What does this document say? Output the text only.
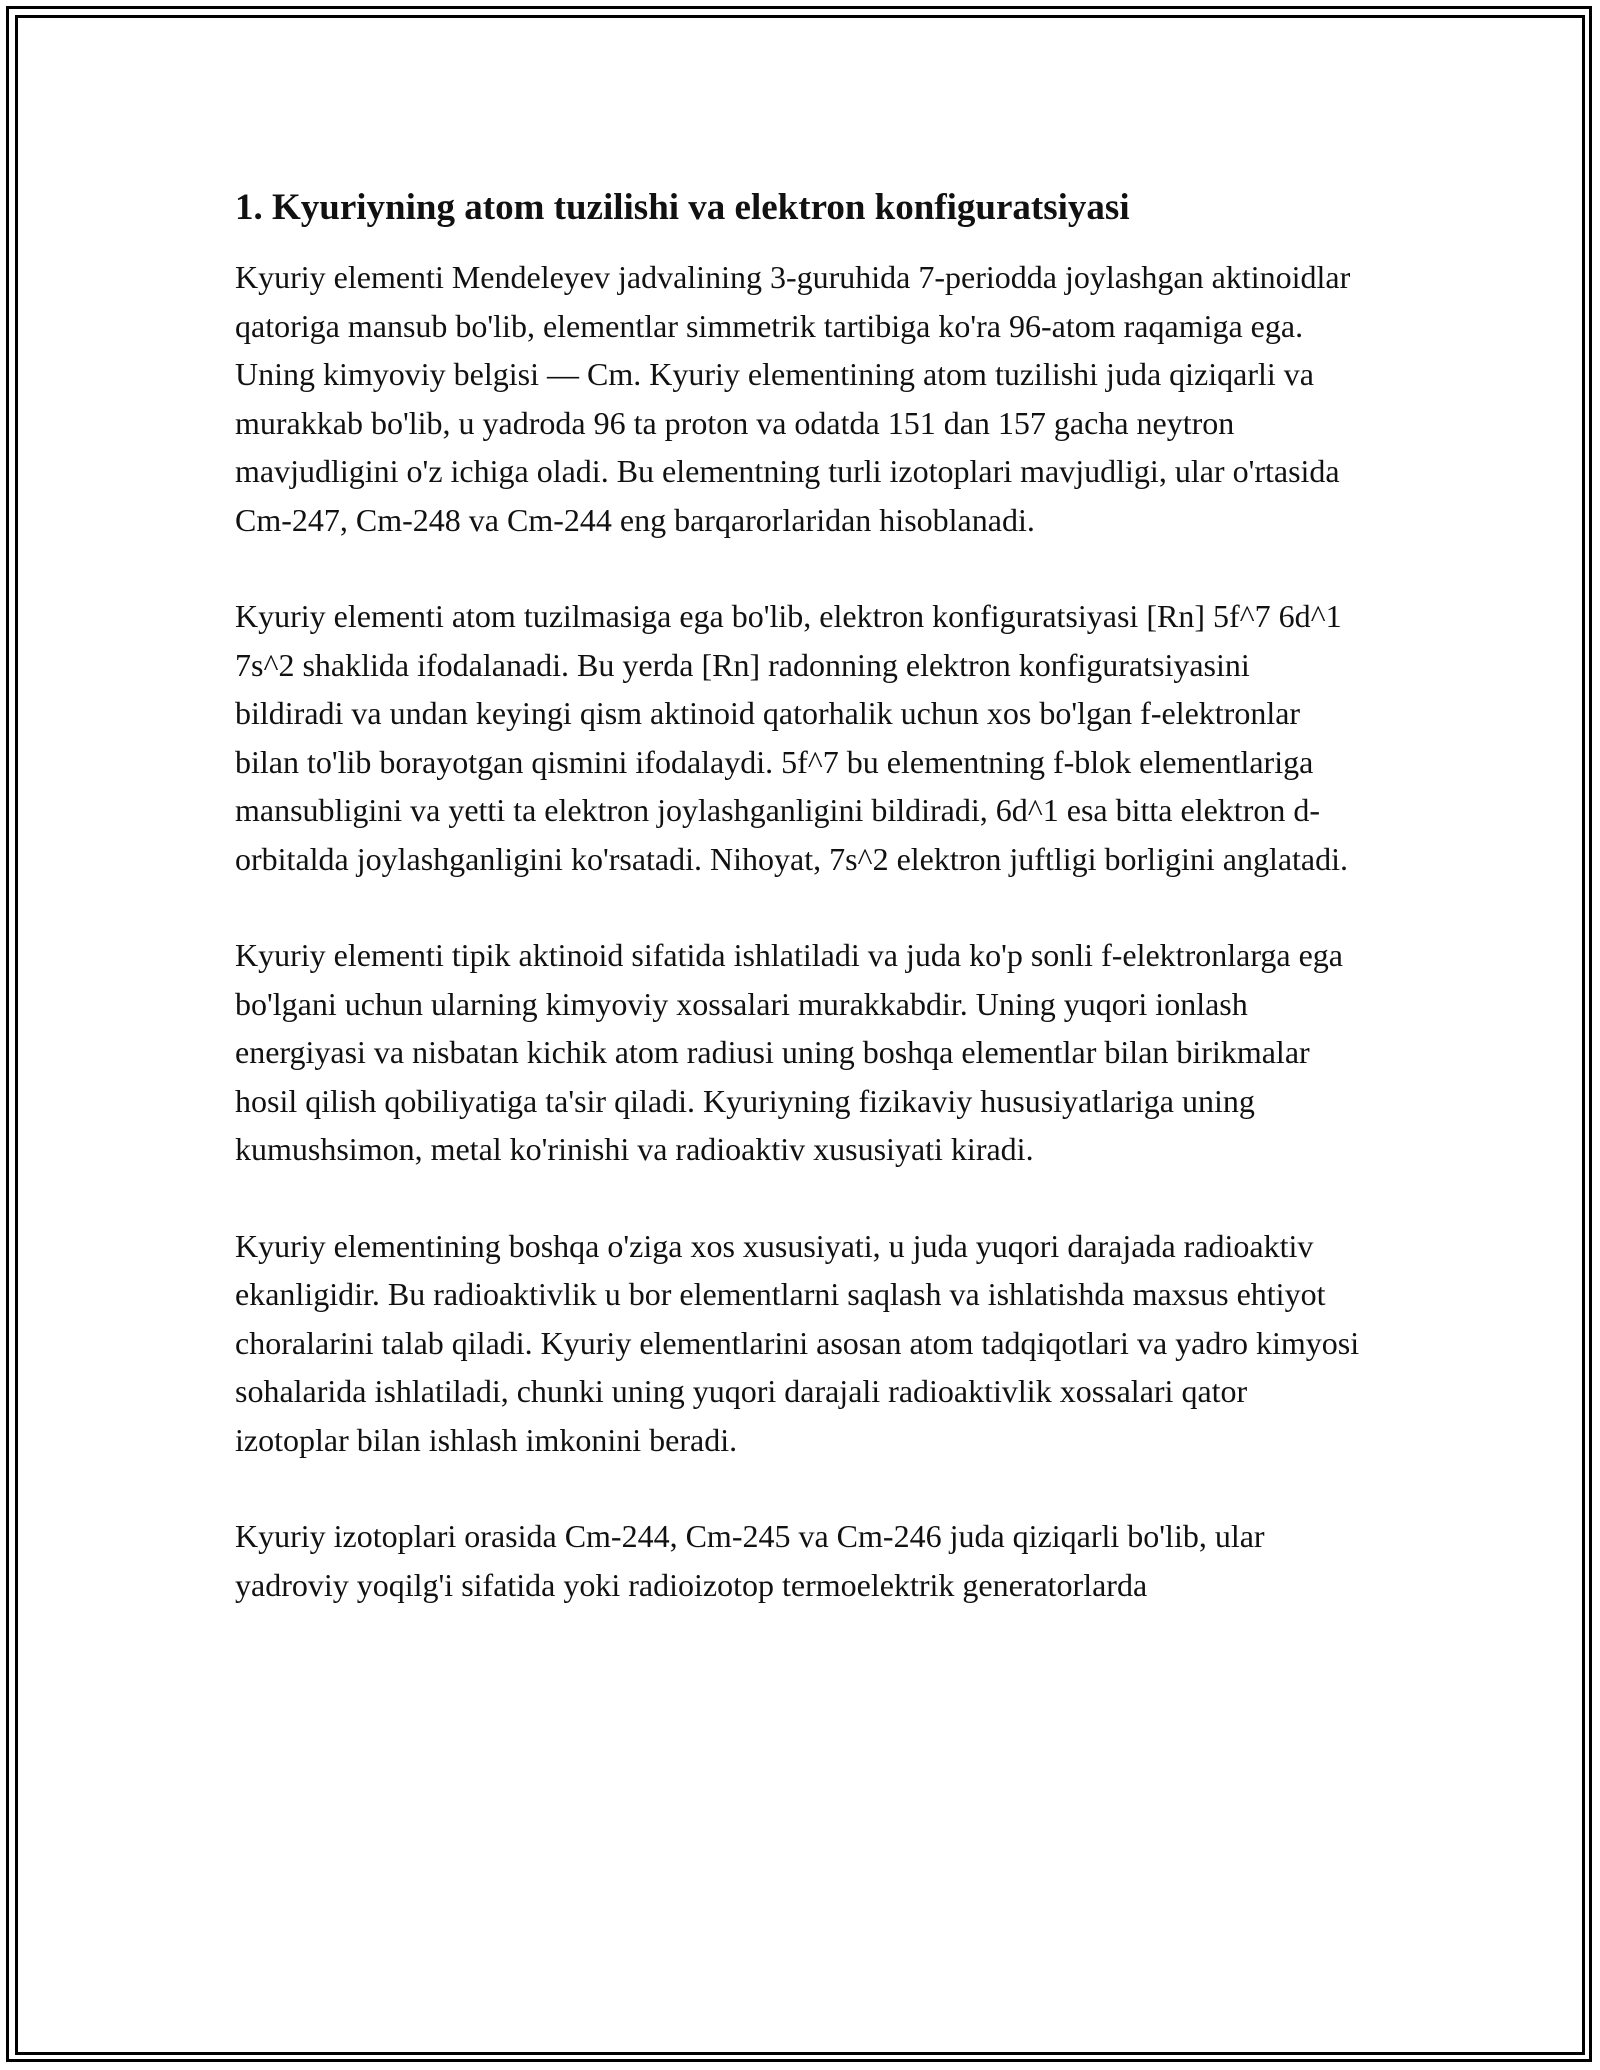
1. Kyuriyning atom tuzilishi va elektron konfiguratsiyasi

Kyuriy elementi Mendeleyev jadvalining 3-guruhida 7-periodda joylashgan aktinoidlar qatoriga mansub bo'lib, elementlar simmetrik tartibiga ko'ra 96-atom raqamiga ega. Uning kimyoviy belgisi — Cm. Kyuriy elementining atom tuzilishi juda qiziqarli va murakkab bo'lib, u yadroda 96 ta proton va odatda 151 dan 157 gacha neytron mavjudligini o'z ichiga oladi. Bu elementning turli izotoplari mavjudligi, ular o'rtasida Cm-247, Cm-248 va Cm-244 eng barqarorlaridan hisoblanadi.

Kyuriy elementi atom tuzilmasiga ega bo'lib, elektron konfiguratsiyasi [Rn] 5f^7 6d^1 7s^2 shaklida ifodalanadi. Bu yerda [Rn] radonning elektron konfiguratsiyasini bildiradi va undan keyingi qism aktinoid qatorhalik uchun xos bo'lgan f-elektronlar bilan to'lib borayotgan qismini ifodalaydi. 5f^7 bu elementning f-blok elementlariga mansubligini va yetti ta elektron joylashganligini bildiradi, 6d^1 esa bitta elektron d-orbitalda joylashganligini ko'rsatadi. Nihoyat, 7s^2 elektron juftligi borligini anglatadi.

Kyuriy elementi tipik aktinoid sifatida ishlatiladi va juda ko'p sonli f-elektronlarga ega bo'lgani uchun ularning kimyoviy xossalari murakkabdir. Uning yuqori ionlash energiyasi va nisbatan kichik atom radiusi uning boshqa elementlar bilan birikmalar hosil qilish qobiliyatiga ta'sir qiladi. Kyuriyning fizikaviy hususiyatlariga uning kumushsimon, metal ko'rinishi va radioaktiv xususiyati kiradi.

Kyuriy elementining boshqa o'ziga xos xususiyati, u juda yuqori darajada radioaktiv ekanligidir. Bu radioaktivlik u bor elementlarni saqlash va ishlatishda maxsus ehtiyot choralarini talab qiladi. Kyuriy elementlarini asosan atom tadqiqotlari va yadro kimyosi sohalarida ishlatiladi, chunki uning yuqori darajali radioaktivlik xossalari qator izotoplar bilan ishlash imkonini beradi.

Kyuriy izotoplari orasida Cm-244, Cm-245 va Cm-246 juda qiziqarli bo'lib, ular yadroviy yoqilg'i sifatida yoki radioizotop termoelektrik generatorlarda
